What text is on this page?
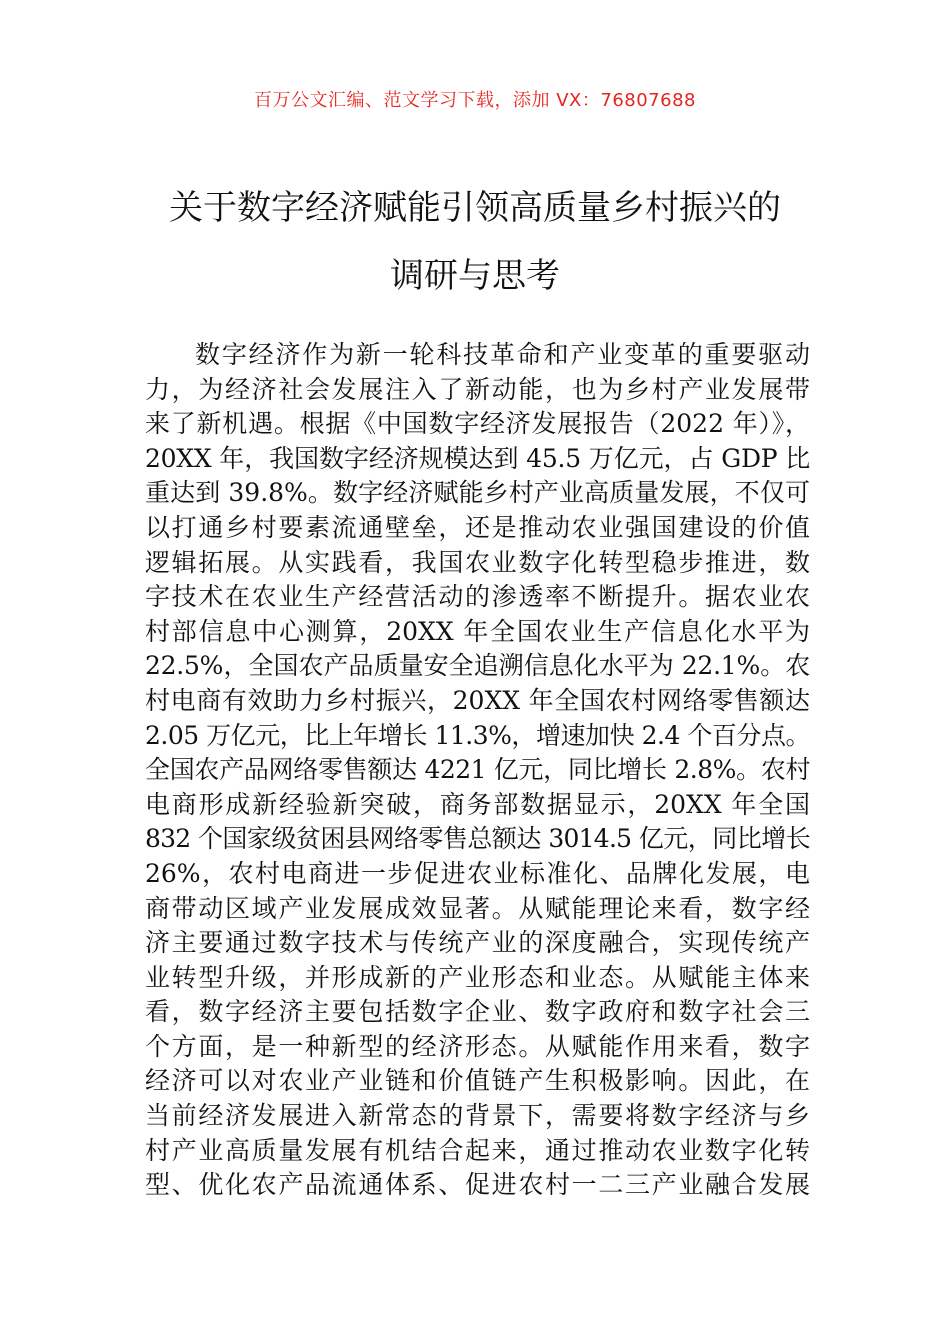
百万公文汇编、范文学习下载，添加 VX：76807688
关于数字经济赋能引领高质量乡村振兴的
调研与思考
数字经济作为新一轮科技革命和产业变革的重要驱动
力，为经济社会发展注入了新动能，也为乡村产业发展带
来了新机遇。根据《中国数字经济发展报告（2022 年）》，
20XX 年，我国数字经济规模达到 45.5 万亿元，占 GDP 比
重达到 39.8%。数字经济赋能乡村产业高质量发展，不仅可
以打通乡村要素流通壁垒，还是推动农业强国建设的价值
逻辑拓展。从实践看，我国农业数字化转型稳步推进，数
字技术在农业生产经营活动的渗透率不断提升。据农业农
村部信息中心测算，20XX 年全国农业生产信息化水平为
22.5%，全国农产品质量安全追溯信息化水平为 22.1%。农
村电商有效助力乡村振兴，20XX 年全国农村网络零售额达
2.05 万亿元，比上年增长 11.3%，增速加快 2.4 个百分点。
全国农产品网络零售额达 4221 亿元，同比增长 2.8%。农村
电商形成新经验新突破，商务部数据显示，20XX 年全国
832 个国家级贫困县网络零售总额达 3014.5 亿元，同比增长
26%，农村电商进一步促进农业标准化、品牌化发展，电
商带动区域产业发展成效显著。从赋能理论来看，数字经
济主要通过数字技术与传统产业的深度融合，实现传统产
业转型升级，并形成新的产业形态和业态。从赋能主体来
看，数字经济主要包括数字企业、数字政府和数字社会三
个方面，是一种新型的经济形态。从赋能作用来看，数字
经济可以对农业产业链和价值链产生积极影响。因此，在
当前经济发展进入新常态的背景下，需要将数字经济与乡
村产业高质量发展有机结合起来，通过推动农业数字化转
型、优化农产品流通体系、促进农村一二三产业融合发展
